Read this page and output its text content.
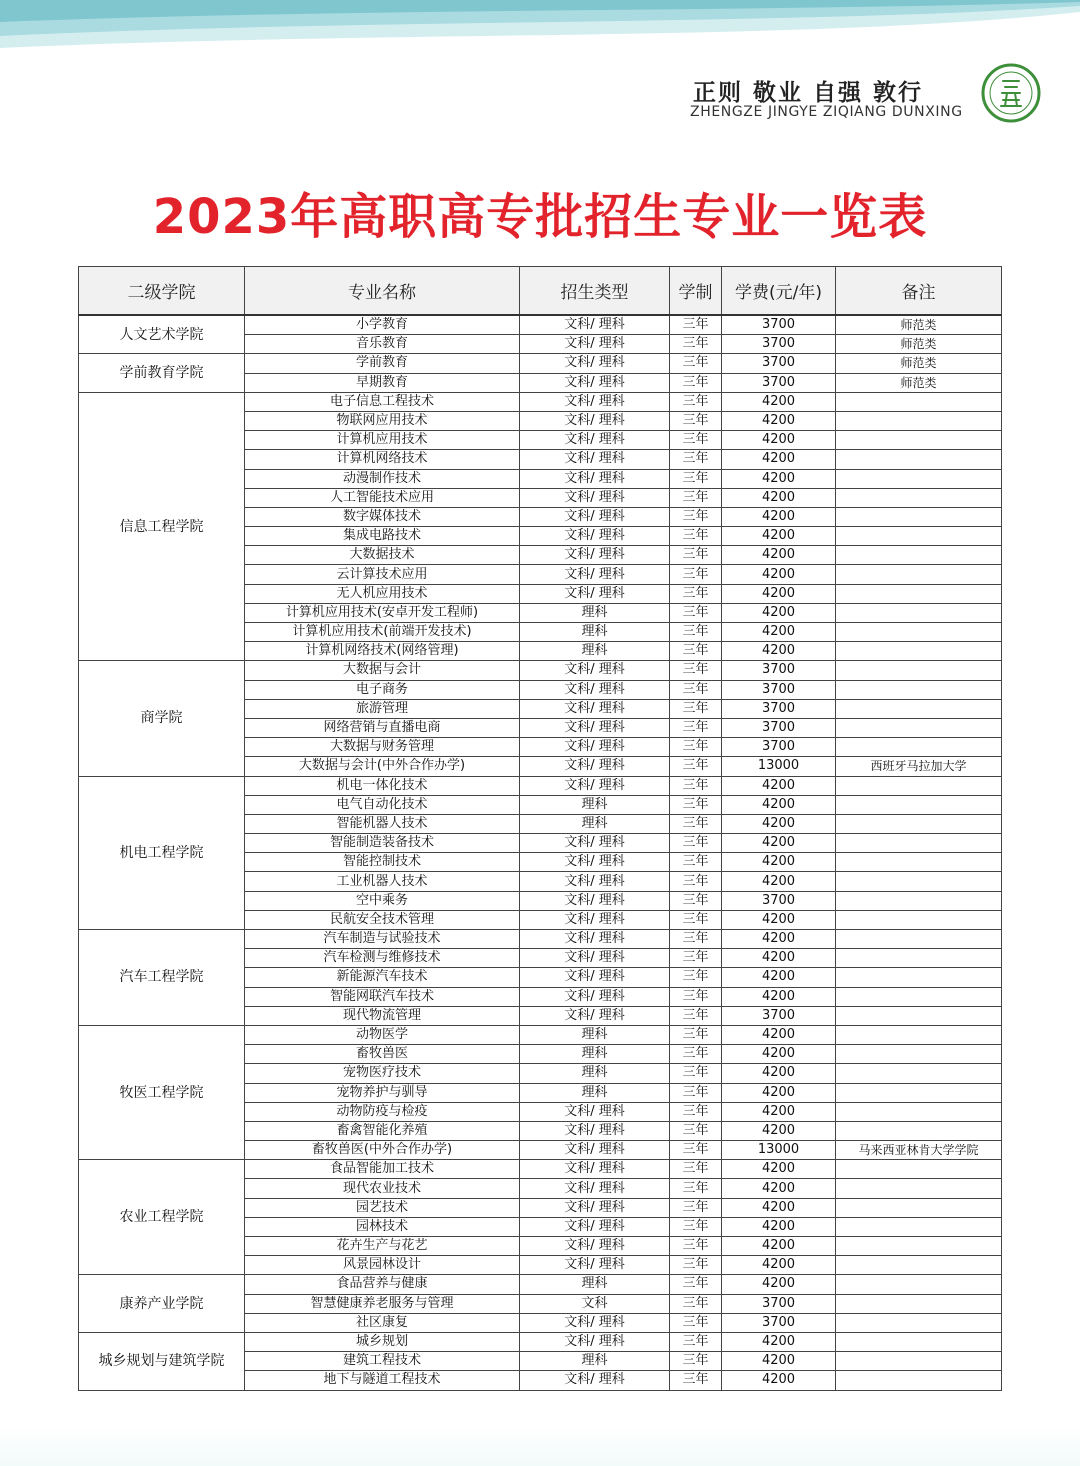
正则 敬业 自强 敦行
ZHENGZE JINGYE ZIQIANG DUNXING
2023年高职高专批招生专业一览表
二级学院	专业名称	招生类型	学制	学费(元/年)	备注
人文艺术学院	小学教育	文科/ 理科	三年	3700	师范类
	音乐教育	文科/ 理科	三年	3700	师范类
学前教育学院	学前教育	文科/ 理科	三年	3700	师范类
	早期教育	文科/ 理科	三年	3700	师范类
信息工程学院	电子信息工程技术	文科/ 理科	三年	4200	
	物联网应用技术	文科/ 理科	三年	4200	
	计算机应用技术	文科/ 理科	三年	4200	
	计算机网络技术	文科/ 理科	三年	4200	
	动漫制作技术	文科/ 理科	三年	4200	
	人工智能技术应用	文科/ 理科	三年	4200	
	数字媒体技术	文科/ 理科	三年	4200	
	集成电路技术	文科/ 理科	三年	4200	
	大数据技术	文科/ 理科	三年	4200	
	云计算技术应用	文科/ 理科	三年	4200	
	无人机应用技术	文科/ 理科	三年	4200	
	计算机应用技术(安卓开发工程师)	理科	三年	4200	
	计算机应用技术(前端开发技术)	理科	三年	4200	
	计算机网络技术(网络管理)	理科	三年	4200	
商学院	大数据与会计	文科/ 理科	三年	3700	
	电子商务	文科/ 理科	三年	3700	
	旅游管理	文科/ 理科	三年	3700	
	网络营销与直播电商	文科/ 理科	三年	3700	
	大数据与财务管理	文科/ 理科	三年	3700	
	大数据与会计(中外合作办学)	文科/ 理科	三年	13000	西班牙马拉加大学
机电工程学院	机电一体化技术	文科/ 理科	三年	4200	
	电气自动化技术	理科	三年	4200	
	智能机器人技术	理科	三年	4200	
	智能制造装备技术	文科/ 理科	三年	4200	
	智能控制技术	文科/ 理科	三年	4200	
	工业机器人技术	文科/ 理科	三年	4200	
	空中乘务	文科/ 理科	三年	3700	
	民航安全技术管理	文科/ 理科	三年	4200	
汽车工程学院	汽车制造与试验技术	文科/ 理科	三年	4200	
	汽车检测与维修技术	文科/ 理科	三年	4200	
	新能源汽车技术	文科/ 理科	三年	4200	
	智能网联汽车技术	文科/ 理科	三年	4200	
	现代物流管理	文科/ 理科	三年	3700	
牧医工程学院	动物医学	理科	三年	4200	
	畜牧兽医	理科	三年	4200	
	宠物医疗技术	理科	三年	4200	
	宠物养护与驯导	理科	三年	4200	
	动物防疫与检疫	文科/ 理科	三年	4200	
	畜禽智能化养殖	文科/ 理科	三年	4200	
	畜牧兽医(中外合作办学)	文科/ 理科	三年	13000	马来西亚林肯大学学院
农业工程学院	食品智能加工技术	文科/ 理科	三年	4200	
	现代农业技术	文科/ 理科	三年	4200	
	园艺技术	文科/ 理科	三年	4200	
	园林技术	文科/ 理科	三年	4200	
	花卉生产与花艺	文科/ 理科	三年	4200	
	风景园林设计	文科/ 理科	三年	4200	
康养产业学院	食品营养与健康	理科	三年	4200	
	智慧健康养老服务与管理	文科	三年	3700	
	社区康复	文科/ 理科	三年	3700	
城乡规划与建筑学院	城乡规划	文科/ 理科	三年	4200	
	建筑工程技术	理科	三年	4200	
	地下与隧道工程技术	文科/ 理科	三年	4200	
